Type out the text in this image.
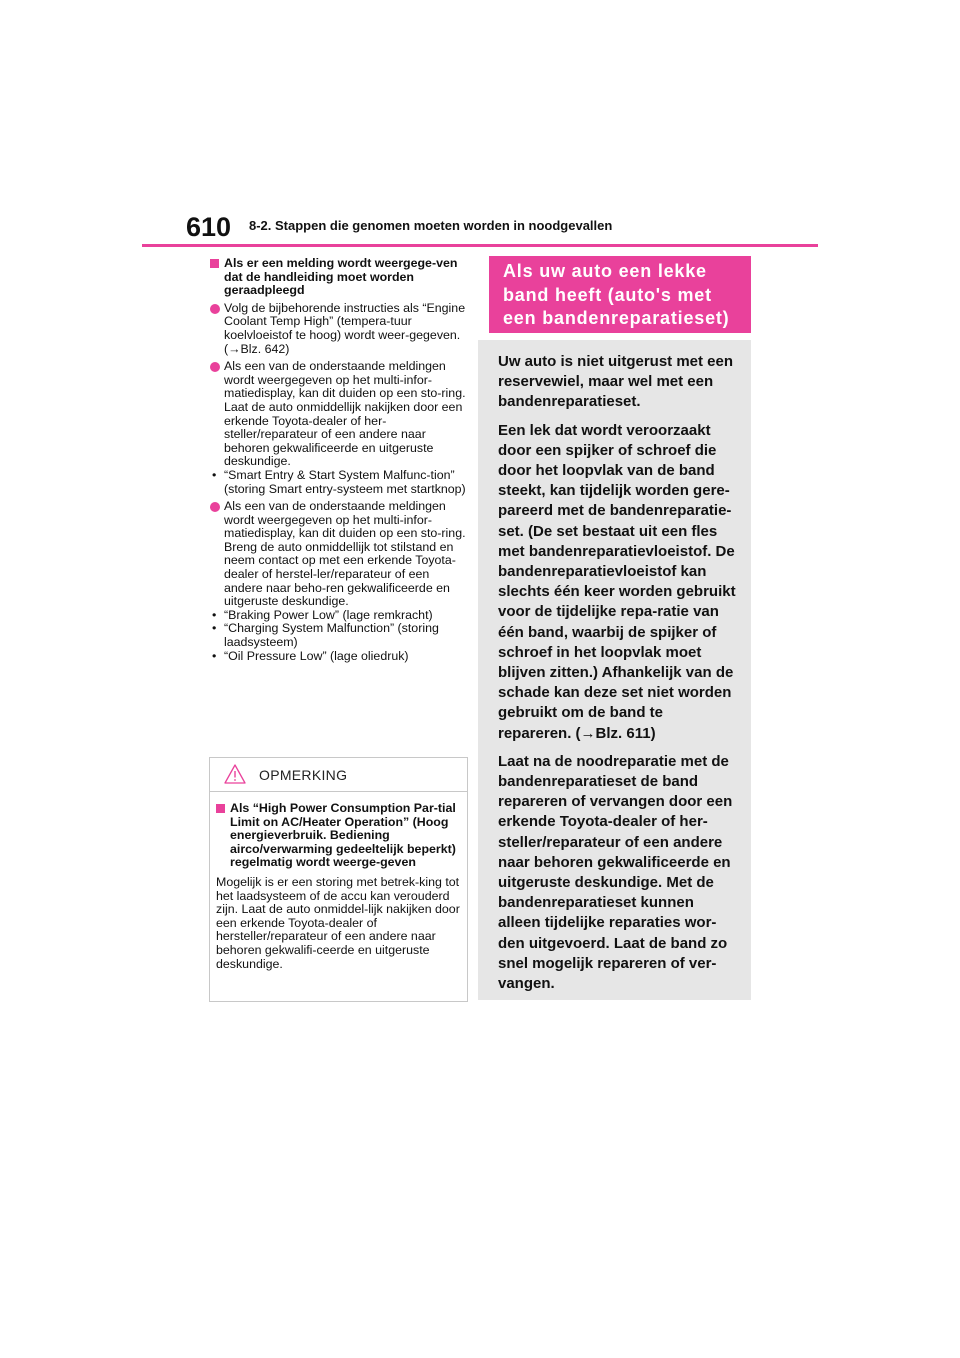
610 8-2. Stappen die genomen moeten worden in noodgevallen
Als er een melding wordt weergege-ven dat de handleiding moet worden geraadpleegd
Volg de bijbehorende instructies als “Engine Coolant Temp High” (tempera-tuur koelvloeistof te hoog) wordt weer-gegeven. (→Blz. 642)
Als een van de onderstaande meldingen wordt weergegeven op het multi-infor-matiedisplay, kan dit duiden op een sto-ring. Laat de auto onmiddellijk nakijken door een erkende Toyota-dealer of her-steller/reparateur of een andere naar behoren gekwalificeerde en uitgeruste deskundige.
• “Smart Entry & Start System Malfunc-tion” (storing Smart entry-systeem met startknop)
Als een van de onderstaande meldingen wordt weergegeven op het multi-infor-matiedisplay, kan dit duiden op een sto-ring. Breng de auto onmiddellijk tot stilstand en neem contact op met een erkende Toyota-dealer of herstel-ler/reparateur of een andere naar beho-ren gekwalificeerde en uitgeruste deskundige.
• “Braking Power Low” (lage remkracht)
• “Charging System Malfunction” (storing laadsysteem)
• “Oil Pressure Low” (lage oliedruk)
OPMERKING
Als “High Power Consumption Par-tial Limit on AC/Heater Operation” (Hoog energieverbruik. Bediening airco/verwarming gedeeltelijk beperkt) regelmatig wordt weerge-geven
Mogelijk is er een storing met betrek-king tot het laadsysteem of de accu kan verouderd zijn. Laat de auto onmiddel-lijk nakijken door een erkende Toyota-dealer of hersteller/reparateur of een andere naar behoren gekwalifi-ceerde en uitgeruste deskundige.
Als uw auto een lekke
band heeft (auto's met
een bandenreparatieset)

Uw auto is niet uitgerust met een reservewiel, maar wel met een bandenreparatieset.

Een lek dat wordt veroorzaakt door een spijker of schroef die door het loopvlak van de band steekt, kan tijdelijk worden gere-pareerd met de bandenreparatie-set. (De set bestaat uit een fles met bandenreparatievloeistof. De bandenreparatievloeistof kan slechts één keer worden gebruikt voor de tijdelijke repa-ratie van één band, waarbij de spijker of schroef in het loopvlak moet blijven zitten.) Afhankelijk van de schade kan deze set niet worden gebruikt om de band te repareren. (→Blz. 611)

Laat na de noodreparatie met de bandenreparatieset de band repareren of vervangen door een erkende Toyota-dealer of her-steller/reparateur of een andere naar behoren gekwalificeerde en uitgeruste deskundige. Met de bandenreparatieset kunnen alleen tijdelijke reparaties wor-den uitgevoerd. Laat de band zo snel mogelijk repareren of ver-vangen.
